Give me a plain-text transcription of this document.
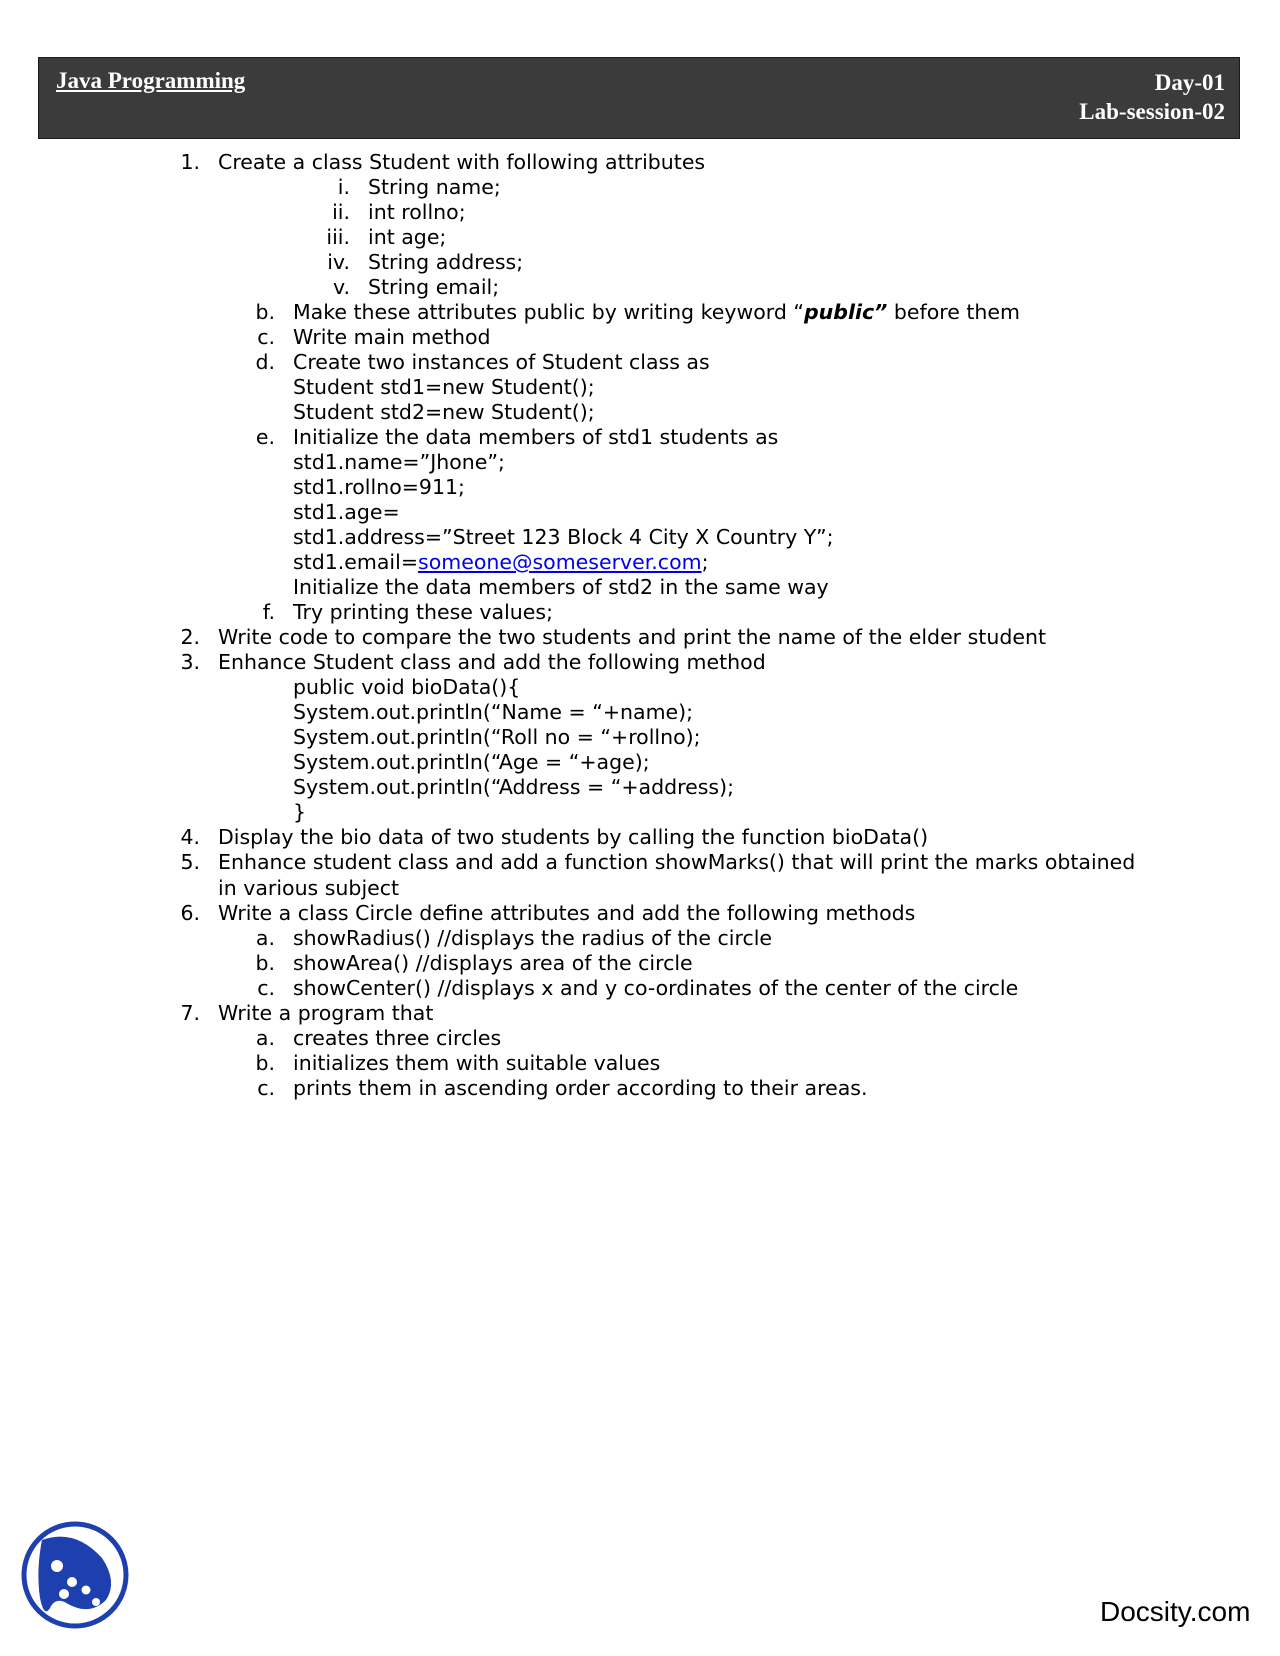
Java Programming	Day-01
Lab-session-02
1. Create a class Student with following attributes
i. String name;
ii. int rollno;
iii. int age;
iv. String address;
v. String email;
b. Make these attributes public by writing keyword “public” before them
c. Write main method
d. Create two instances of Student class as
Student std1=new Student();
Student std2=new Student();
e. Initialize the data members of std1 students as
std1.name=”Jhone”;
std1.rollno=911;
std1.age=
std1.address=”Street 123 Block 4 City X Country Y”;
std1.email=someone@someserver.com;
Initialize the data members of std2 in the same way
f. Try printing these values;
2. Write code to compare the two students and print the name of the elder student
3. Enhance Student class and add the following method
public void bioData(){
System.out.println(“Name = “+name);
System.out.println(“Roll no = “+rollno);
System.out.println(“Age = “+age);
System.out.println(“Address = “+address);
}
4. Display the bio data of two students by calling the function bioData()
5. Enhance student class and add a function showMarks() that will print the marks obtained
in various subject
6. Write a class Circle define attributes and add the following methods
a. showRadius() //displays the radius of the circle
b. showArea() //displays area of the circle
c. showCenter() //displays x and y co-ordinates of the center of the circle
7. Write a program that
a. creates three circles
b. initializes them with suitable values
c. prints them in ascending order according to their areas.
Docsity.com
